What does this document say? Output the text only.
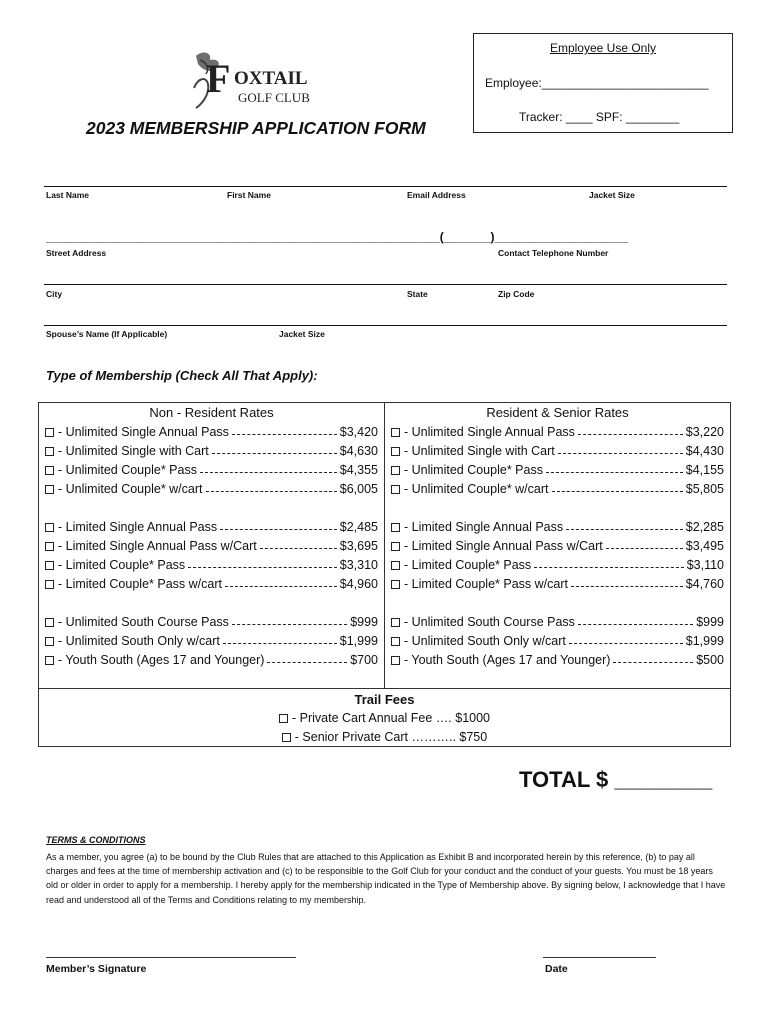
Employee Use Only
Employee:_________________________
Tracker: ____ SPF: ________
F OXTAIL
GOLF CLUB
2023 MEMBERSHIP APPLICATION FORM
Last Name	First Name	Email Address	Jacket Size
___________________________________________________________(_______)____________________
Street Address	Contact Telephone Number
City	State	Zip Code
Spouse’s Name (If Applicable)	Jacket Size
Type of Membership (Check All That Apply):
Non - Resident Rates
- Unlimited Single Annual Pass	$3,420
- Unlimited Single with Cart	$4,630
- Unlimited Couple* Pass	$4,355
- Unlimited Couple* w/cart	$6,005
- Limited Single Annual Pass	$2,485
- Limited Single Annual Pass w/Cart	$3,695
- Limited Couple* Pass	$3,310
- Limited Couple* Pass w/cart	$4,960
- Unlimited South Course Pass	$999
- Unlimited South Only w/cart	$1,999
- Youth South (Ages 17 and Younger)	$700
Resident & Senior Rates
- Unlimited Single Annual Pass	$3,220
- Unlimited Single with Cart	$4,430
- Unlimited Couple* Pass	$4,155
- Unlimited Couple* w/cart	$5,805
- Limited Single Annual Pass	$2,285
- Limited Single Annual Pass w/Cart	$3,495
- Limited Couple* Pass	$3,110
- Limited Couple* Pass w/cart	$4,760
- Unlimited South Course Pass	$999
- Unlimited South Only w/cart	$1,999
- Youth South (Ages 17 and Younger)	$500
Trail Fees
- Private Cart Annual Fee …. $1000
- Senior Private Cart ……….. $750
TOTAL $ ________
TERMS & CONDITIONS
As a member, you agree (a) to be bound by the Club Rules that are attached to this Application as Exhibit B and incorporated herein by this reference, (b) to pay all charges and fees at the time of membership activation and (c) to be responsible to the Golf Club for your conduct and the conduct of your guests. You must be 18 years old or older in order to apply for a membership. I hereby apply for the membership indicated in the Type of Membership above. By signing below, I acknowledge that I have read and understood all of the Terms and Conditions relating to my membership.
Member’s Signature	Date
